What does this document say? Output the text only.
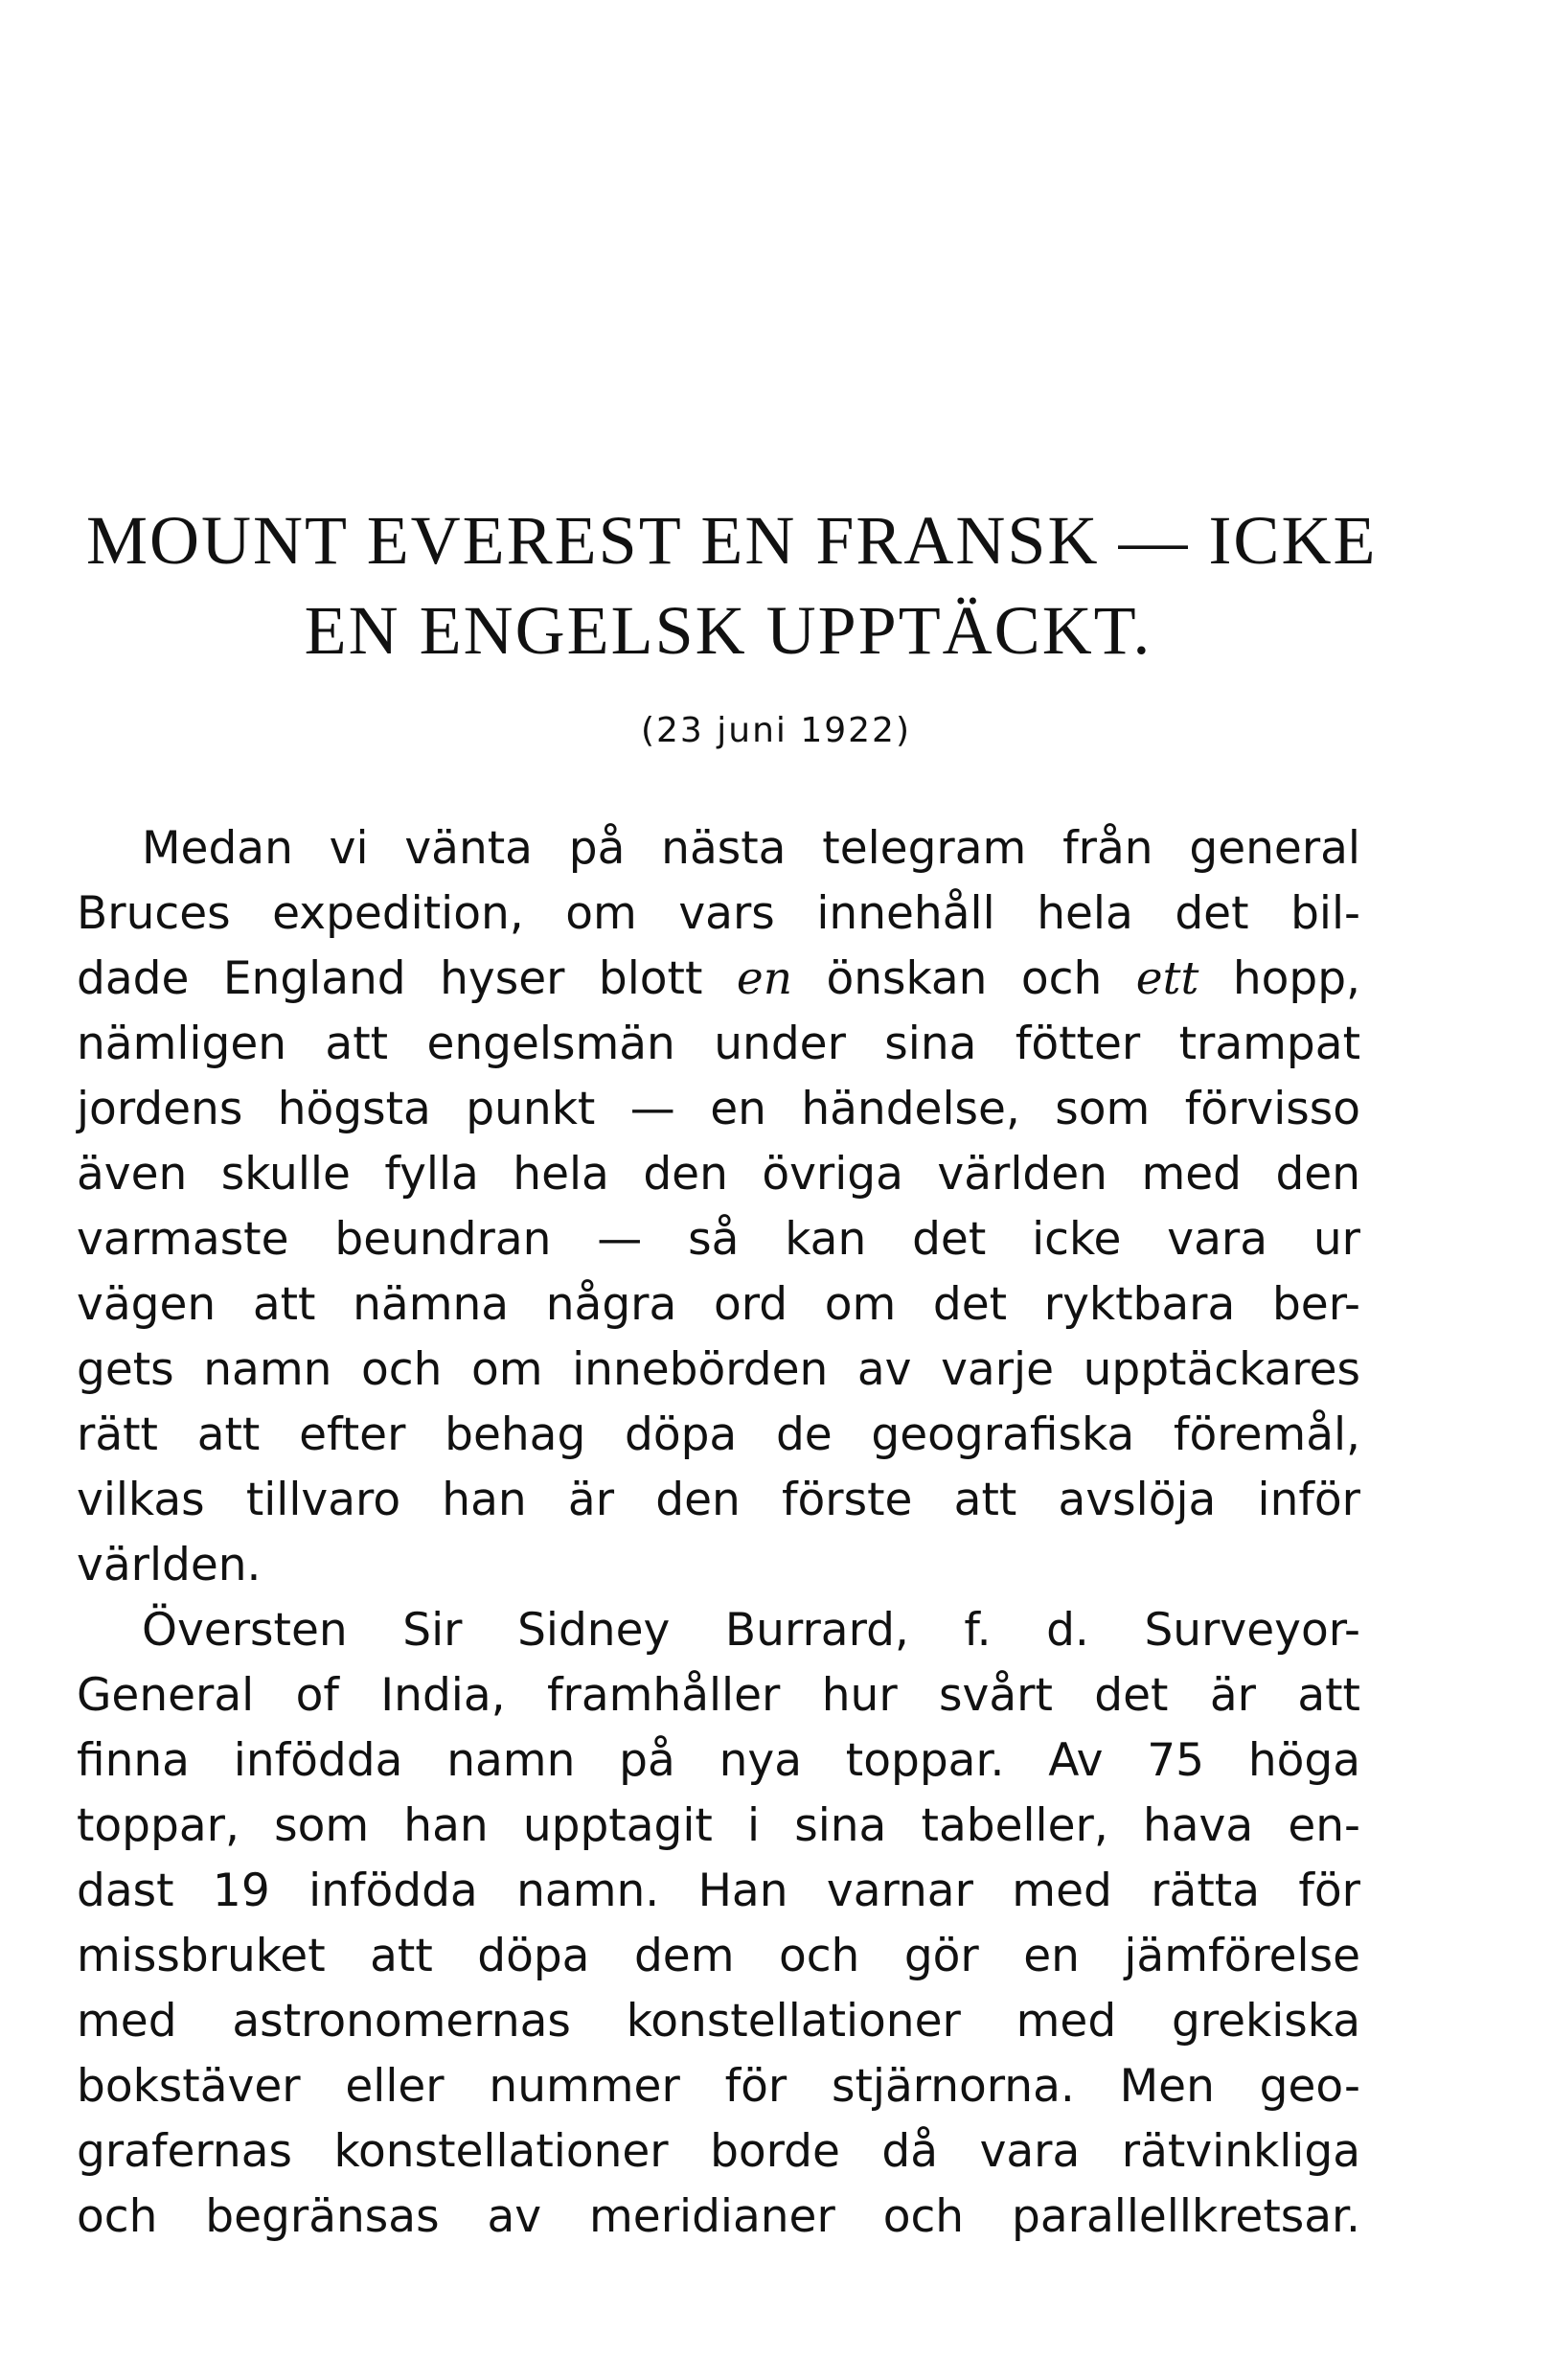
MOUNT EVEREST EN FRANSK — ICKE
EN ENGELSK UPPTÄCKT.
(23 juni 1922)
Medan vi vänta på nästa telegram från general
Bruces expedition, om vars innehåll hela det bil-
dade England hyser blott en önskan och ett hopp,
nämligen att engelsmän under sina fötter trampat
jordens högsta punkt — en händelse, som förvisso
även skulle fylla hela den övriga världen med den
varmaste beundran — så kan det icke vara ur
vägen att nämna några ord om det ryktbara ber-
gets namn och om innebörden av varje upptäckares
rätt att efter behag döpa de geografiska föremål,
vilkas tillvaro han är den förste att avslöja inför
världen.
Översten Sir Sidney Burrard, f. d. Surveyor-
General of India, framhåller hur svårt det är att
finna infödda namn på nya toppar. Av 75 höga
toppar, som han upptagit i sina tabeller, hava en-
dast 19 infödda namn. Han varnar med rätta för
missbruket att döpa dem och gör en jämförelse
med astronomernas konstellationer med grekiska
bokstäver eller nummer för stjärnorna. Men geo-
grafernas konstellationer borde då vara rätvinkliga
och begränsas av meridianer och parallellkretsar.
